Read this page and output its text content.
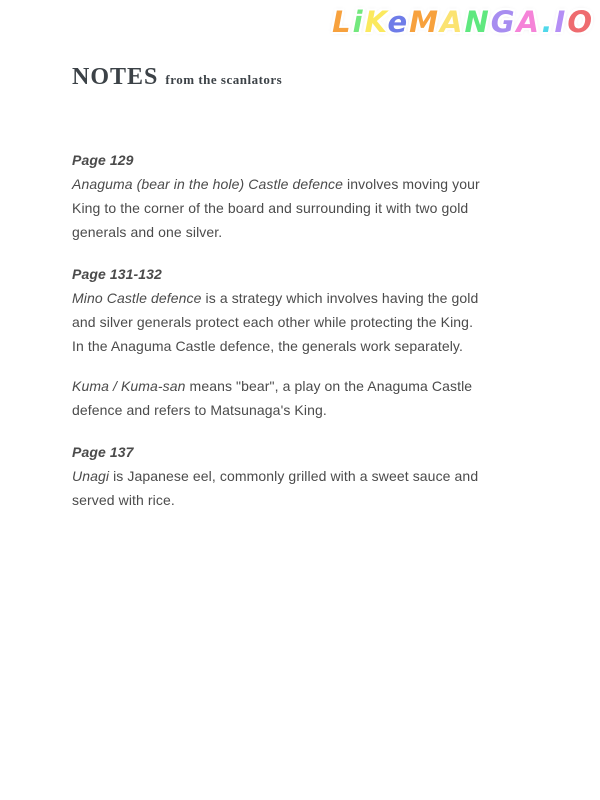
LiKeMANGA.IO
NOTES from the scanlators
Page 129
Anaguma (bear in the hole) Castle defence involves moving your
King to the corner of the board and surrounding it with two gold
generals and one silver.
Page 131-132
Mino Castle defence is a strategy which involves having the gold
and silver generals protect each other while protecting the King.
In the Anaguma Castle defence, the generals work separately.
Kuma / Kuma-san means "bear", a play on the Anaguma Castle
defence and refers to Matsunaga's King.
Page 137
Unagi is Japanese eel, commonly grilled with a sweet sauce and
served with rice.
